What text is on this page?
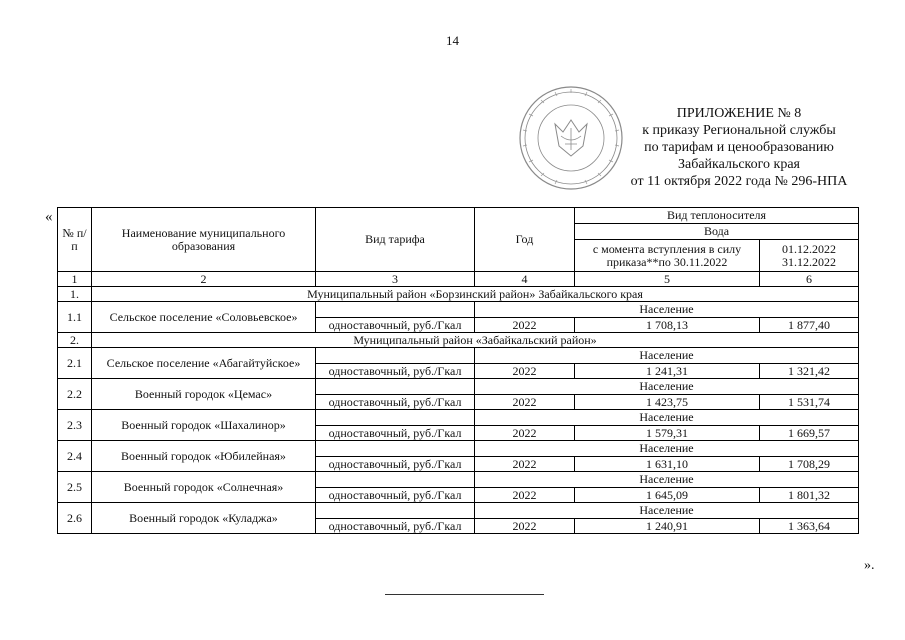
14
ПРИЛОЖЕНИЕ № 8
к приказу Региональной службы
по тарифам и ценообразованию
Забайкальского края
от 11 октября 2022 года № 296-НПА
«
№ п/п	Наименование муниципального образования	Вид тарифа	Год	Вид теплоносителя	
				Вода	
				с момента вступления в силу приказа**по 30.11.2022	01.12.2022 31.12.2022
1	2	3	4	5	6
1.	Муниципальный район «Борзинский район» Забайкальского края				
1.1	Сельское поселение «Соловьевское»		Население		
		одноставочный, руб./Гкал	2022	1 708,13	1 877,40
2.	Муниципальный район «Забайкальский район»				
2.1	Сельское поселение «Абагайтуйское»		Население		
		одноставочный, руб./Гкал	2022	1 241,31	1 321,42
2.2	Военный городок «Цемас»		Население		
		одноставочный, руб./Гкал	2022	1 423,75	1 531,74
2.3	Военный городок «Шахалинор»		Население		
		одноставочный, руб./Гкал	2022	1 579,31	1 669,57
2.4	Военный городок «Юбилейная»		Население		
		одноставочный, руб./Гкал	2022	1 631,10	1 708,29
2.5	Военный городок «Солнечная»		Население		
		одноставочный, руб./Гкал	2022	1 645,09	1 801,32
2.6	Военный городок «Куладжа»		Население		
		одноставочный, руб./Гкал	2022	1 240,91	1 363,64
».
